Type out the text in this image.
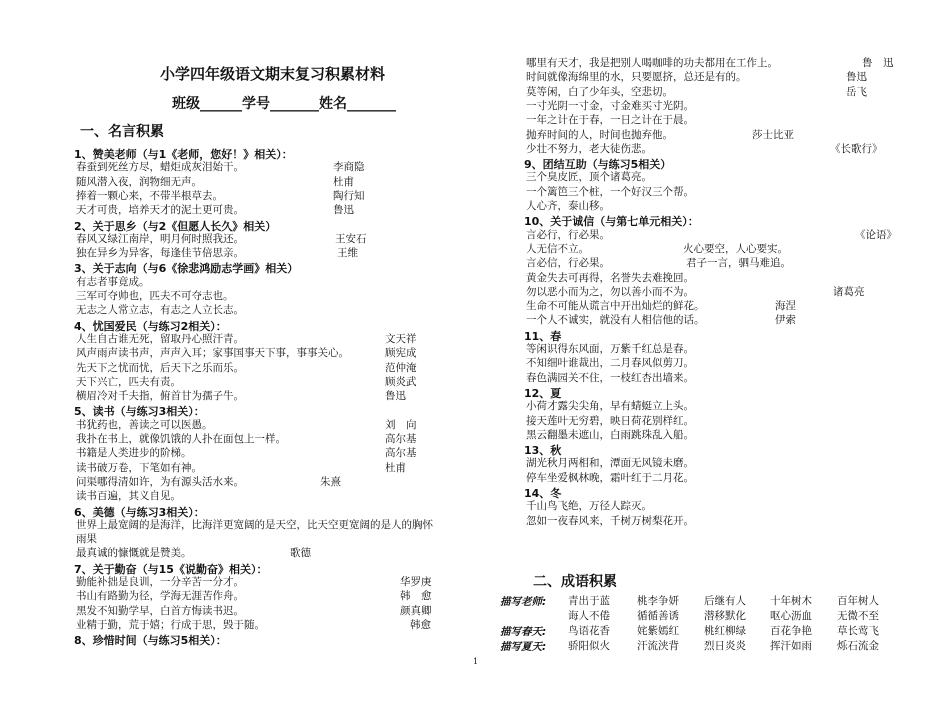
小学四年级语文期末复习积累材料
班级______学号_______姓名_______
一、名言积累
1、赞美老师（与1《老师，您好！》相关）：
春蚕到死丝方尽，蜡炬成灰泪始干。	李商隐
随风潜入夜，润物细无声。	杜甫
捧着一颗心来，不带半根草去。	陶行知
天才可贵，培养天才的泥土更可贵。	鲁迅
2、关于思乡（与2《但愿人长久》相关）
春风又绿江南岸，明月何时照我还。	王安石
独在异乡为异客，每逢佳节倍思亲。	王维
3、关于志向（与6《徐悲鸿励志学画》相关）
有志者事竟成。
三军可夺帅也，匹夫不可夺志也。
无志之人常立志，有志之人立长志。
4、忧国爱民（与练习2相关）：
人生自古谁无死，留取丹心照汗青。	文天祥
风声雨声读书声，声声入耳；家事国事天下事，事事关心。	顾宪成
先天下之忧而忧，后天下之乐而乐。	范仲淹
天下兴亡，匹夫有责。	顾炎武
横眉冷对千夫指，俯首甘为孺子牛。	鲁迅
5、读书（与练习3相关）：
书犹药也，善读之可以医愚。	刘　向
我扑在书上，就像饥饿的人扑在面包上一样。	高尔基
书籍是人类进步的阶梯。	高尔基
读书破万卷，下笔如有神。	杜甫
问渠哪得清如许，为有源头活水来。	朱熹
读书百遍，其义自见。
6、美德（与练习3相关）：
世界上最宽阔的是海洋，比海洋更宽阔的是天空，比天空更宽阔的是人的胸怀
雨果
最真诚的慷慨就是赞美。	歌德
7、关于勤奋（与15《说勤奋》相关）：
勤能补拙是良训，一分辛苦一分才。	华罗庚
书山有路勤为径，学海无涯苦作舟。	韩　愈
黑发不知勤学早，白首方悔读书迟。	颜真卿
业精于勤，荒于嬉；行成于思，毁于随。	韩愈
8、珍惜时间（与练习5相关）：
哪里有天才，我是把别人喝咖啡的功夫都用在工作上。	鲁　迅
时间就像海绵里的水，只要愿挤，总还是有的。	鲁迅
莫等闲，白了少年头，空悲切。	岳飞
一寸光阴一寸金，寸金难买寸光阴。
一年之计在于春，一日之计在于晨。
抛弃时间的人，时间也抛弃他。	莎士比亚
少壮不努力，老大徒伤悲。	《长歌行》
9、团结互助（与练习5相关）
三个臭皮匠，顶个诸葛亮。
一个篱笆三个桩，一个好汉三个帮。
人心齐，泰山移。
10、关于诚信（与第七单元相关）：
言必行，行必果。	《论语》
人无信不立。	火心要空，人心要实。
言必信，行必果。	君子一言，驷马难追。
黄金失去可再得，名誉失去难挽回。
勿以恶小而为之，勿以善小而不为。	诸葛亮
生命不可能从谎言中开出灿烂的鲜花。	海涅
一个人不诚实，就没有人相信他的话。	伊索
11、春
等闲识得东风面，万紫千红总是春。
不知细叶谁裁出，二月春风似剪刀。
春色满园关不住，一枝红杏出墙来。
12、夏
小荷才露尖尖角，早有蜻蜓立上头。
接天莲叶无穷碧，映日荷花别样红。
黑云翻墨未遮山，白雨跳珠乱入船。
13、秋
湖光秋月两相和，潭面无风镜未磨。
停车坐爱枫林晚，霜叶红于二月花。
14、冬
千山鸟飞绝，万径人踪灭。
忽如一夜春风来，千树万树梨花开。
二、成语积累
描写老师: 青出于蓝	桃李争妍 后继有人 十年树木 百年树人
诲人不倦	循循善诱 潜移默化 呕心沥血 无微不至
描写春天: 鸟语花香	姹紫嫣红 桃红柳绿 百花争艳 草长莺飞
描写夏天: 骄阳似火	汗流浃背 烈日炎炎 挥汗如雨 烁石流金
1
